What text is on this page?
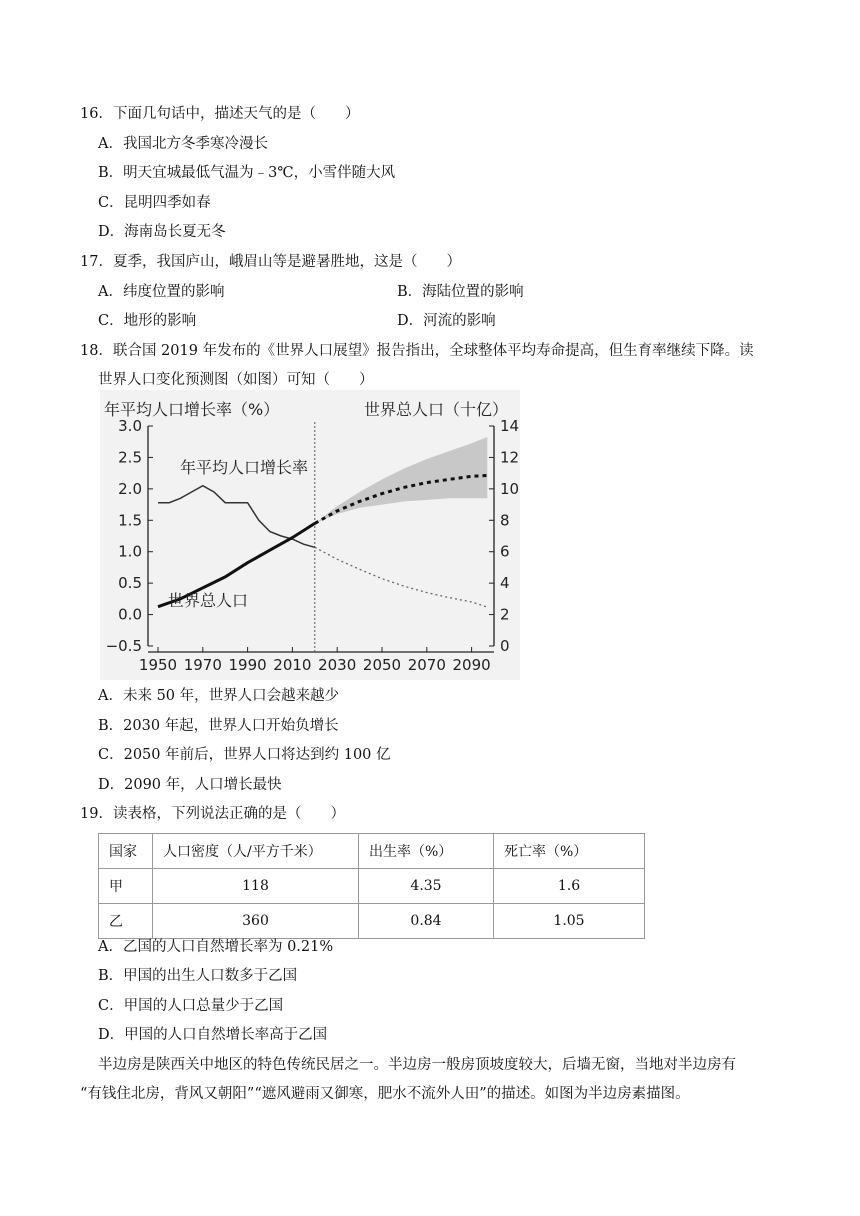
16．下面几句话中，描述天气的是（　　）
A．我国北方冬季寒冷漫长
B．明天宜城最低气温为﹣3℃，小雪伴随大风
C．昆明四季如春
D．海南岛长夏无冬
17．夏季，我国庐山，峨眉山等是避暑胜地，这是（　　）
A．纬度位置的影响	B．海陆位置的影响
C．地形的影响	D．河流的影响
18．联合国 2019 年发布的《世界人口展望》报告指出，全球整体平均寿命提高，但生育率继续下降。读
世界人口变化预测图（如图）可知（　　）
年平均人口增长率（%）	世界总人口（十亿）
3.0
2.5
2.0
1.5
1.0
0.5
0.0
−0.5
14
12
10
8
6
4
2
0
1950 1970 1990 2010 2030 2050 2070 2090
年平均人口增长率
世界总人口
A．未来 50 年，世界人口会越来越少
B．2030 年起，世界人口开始负增长
C．2050 年前后，世界人口将达到约 100 亿
D．2090 年，人口增长最快
19．读表格，下列说法正确的是（　　）
国家	人口密度（人/平方千米）	出生率（%）	死亡率（%）
甲	118	4.35	1.6
乙	360	0.84	1.05
A．乙国的人口自然增长率为 0.21%
B．甲国的出生人口数多于乙国
C．甲国的人口总量少于乙国
D．甲国的人口自然增长率高于乙国
半边房是陕西关中地区的特色传统民居之一。半边房一般房顶坡度较大，后墙无窗，当地对半边房有
“有钱住北房，背风又朝阳”“遮风避雨又御寒，肥水不流外人田”的描述。如图为半边房素描图。
